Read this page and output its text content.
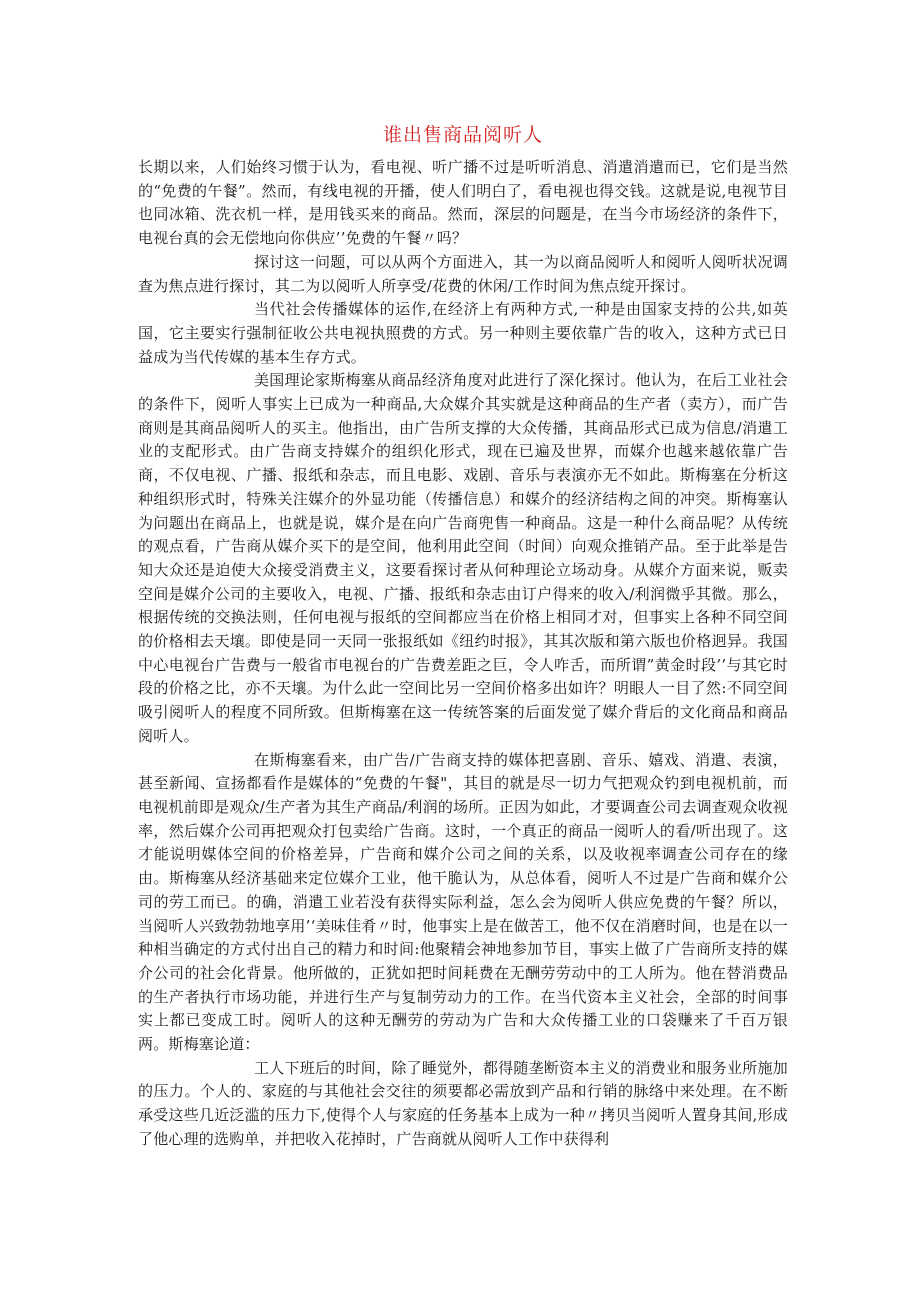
谁出售商品阅听人

长期以来，人们始终习惯于认为，看电视、听广播不过是听听消息、消遣消遣而已，它们是当然的“免费的午餐”。然而，有线电视的开播，使人们明白了，看电视也得交钱。这就是说,电视节目也同冰箱、洗衣机一样，是用钱买来的商品。然而，深层的问题是，在当今市场经济的条件下，电视台真的会无偿地向你供应’’免费的午餐〃吗？

探讨这一问题，可以从两个方面进入，其一为以商品阅听人和阅听人阅听状况调查为焦点进行探讨，其二为以阅听人所享受/花费的休闲/工作时间为焦点绽开探讨。

当代社会传播媒体的运作,在经济上有两种方式,一种是由国家支持的公共,如英国，它主要实行强制征收公共电视执照费的方式。另一种则主要依靠广告的收入，这种方式已日益成为当代传媒的基本生存方式。

美国理论家斯梅塞从商品经济角度对此进行了深化探讨。他认为，在后工业社会的条件下，阅听人事实上已成为一种商品,大众媒介其实就是这种商品的生产者（卖方），而广告商则是其商品阅听人的买主。他指出，由广告所支撑的大众传播，其商品形式已成为信息/消遣工业的支配形式。由广告商支持媒介的组织化形式，现在已遍及世界，而媒介也越来越依靠广告商，不仅电视、广播、报纸和杂志，而且电影、戏剧、音乐与表演亦无不如此。斯梅塞在分析这种组织形式时，特殊关注媒介的外显功能（传播信息）和媒介的经济结构之间的冲突。斯梅塞认为问题出在商品上，也就是说，媒介是在向广告商兜售一种商品。这是一种什么商品呢？从传统的观点看，广告商从媒介买下的是空间，他利用此空间（时间）向观众推销产品。至于此举是告知大众还是迫使大众接受消费主义，这要看探讨者从何种理论立场动身。从媒介方面来说，贩卖空间是媒介公司的主要收入，电视、广播、报纸和杂志由订户得来的收入/利润微乎其微。那么，根据传统的交换法则，任何电视与报纸的空间都应当在价格上相同才对，但事实上各种不同空间的价格相去天壤。即使是同一天同一张报纸如《纽约时报》，其其次版和第六版也价格迥异。我国中心电视台广告费与一般省市电视台的广告费差距之巨，令人咋舌，而所谓”黄金时段’’与其它时段的价格之比，亦不天壤。为什么此一空间比另一空间价格多出如许？明眼人一目了然:不同空间吸引阅听人的程度不同所致。但斯梅塞在这一传统答案的后面发觉了媒介背后的文化商品和商品阅听人。

在斯梅塞看来，由广告/广告商支持的媒体把喜剧、音乐、嬉戏、消遣、表演，甚至新闻、宣扬都看作是媒体的“免费的午餐"，其目的就是尽一切力气把观众钓到电视机前，而电视机前即是观众/生产者为其生产商品/利润的场所。正因为如此，才要调查公司去调查观众收视率，然后媒介公司再把观众打包卖给广告商。这时，一个真正的商品一阅听人的看/听出现了。这才能说明媒体空间的价格差异，广告商和媒介公司之间的关系，以及收视率调查公司存在的缘由。斯梅塞从经济基础来定位媒介工业，他干脆认为，从总体看，阅听人不过是广告商和媒介公司的劳工而已。的确，消遣工业若没有获得实际利益，怎么会为阅听人供应免费的午餐？所以，当阅听人兴致勃勃地享用’‘美味佳肴〃时，他事实上是在做苦工，他不仅在消磨时间，也是在以一种相当确定的方式付出自己的精力和时间:他聚精会神地参加节目，事实上做了广告商所支持的媒介公司的社会化背景。他所做的，正犹如把时间耗费在无酬劳劳动中的工人所为。他在替消费品的生产者执行市场功能，并进行生产与复制劳动力的工作。在当代资本主义社会，全部的时间事实上都已变成工时。阅听人的这种无酬劳的劳动为广告和大众传播工业的口袋赚来了千百万银两。斯梅塞论道：

工人下班后的时间，除了睡觉外，都得随垄断资本主义的消费业和服务业所施加的压力。个人的、家庭的与其他社会交往的须要都必需放到产品和行销的脉络中来处理。在不断承受这些几近泛滥的压力下,使得个人与家庭的任务基本上成为一种〃拷贝当阅听人置身其间,形成了他心理的选购单，并把收入花掉时，广告商就从阅听人工作中获得利
